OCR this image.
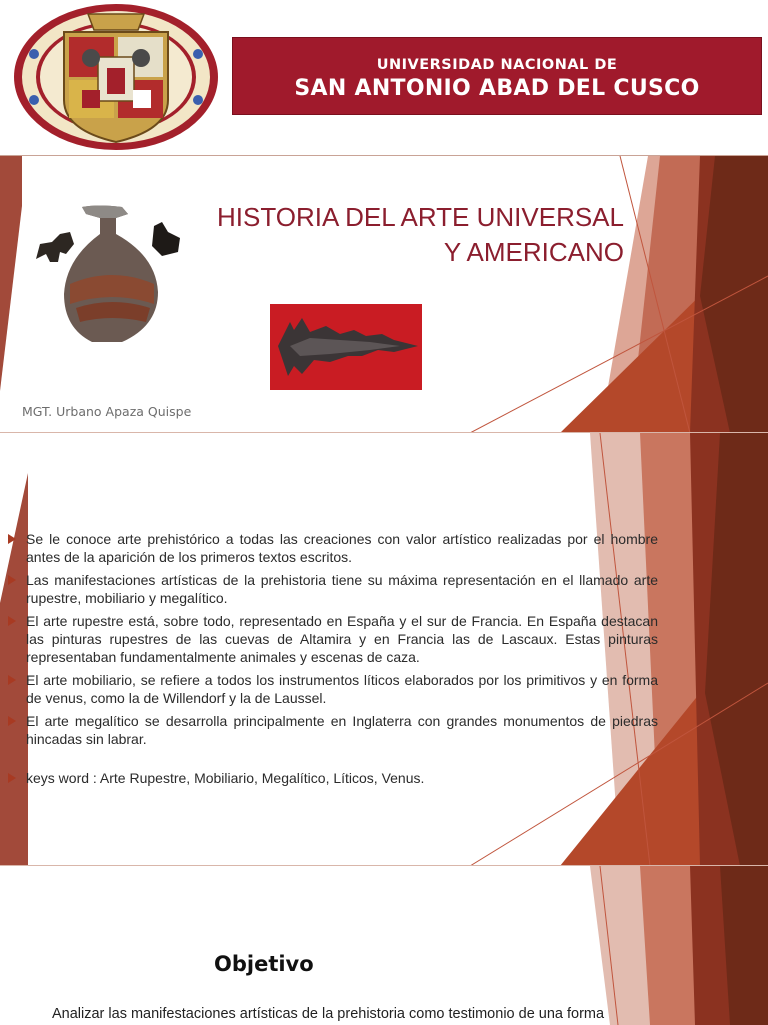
UNIVERSIDAD NACIONAL DE
SAN ANTONIO ABAD DEL CUSCO
HISTORIA DEL ARTE UNIVERSAL Y AMERICANO
MGT. Urbano Apaza Quispe
Se le conoce arte prehistórico a todas las creaciones con valor artístico realizadas por el hombre antes de la aparición de los primeros textos escritos.
Las manifestaciones artísticas de la prehistoria tiene su máxima representación en el llamado arte rupestre, mobiliario y megalítico.
El arte rupestre está, sobre todo, representado en España y el sur de Francia. En España destacan las pinturas rupestres de las cuevas de Altamira y en Francia las de Lascaux. Estas pinturas representaban fundamentalmente animales y escenas de caza.
El arte mobiliario, se refiere a todos los instrumentos líticos elaborados por los primitivos y en forma de venus, como la de Willendorf y la de Laussel.
El arte megalítico se desarrolla principalmente en Inglaterra con grandes monumentos de piedras hincadas sin labrar.
keys word : Arte Rupestre, Mobiliario, Megalítico, Líticos, Venus.
Objetivo
Analizar las manifestaciones artísticas de la prehistoria como testimonio de una forma
